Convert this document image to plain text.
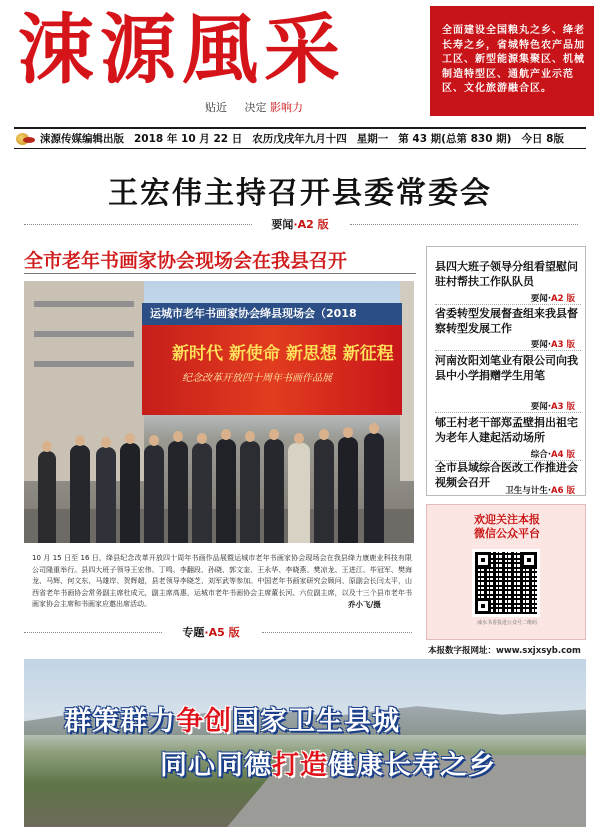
涑源風采
贴近 决定 影响力
全面建设全国粮丸之乡、绛老长寿之乡，省城特色农产品加工区、新型能源集聚区、机械制造特型区、通航产业示范区、文化旅游融合区。
涑源传媒编辑出版 2018 年 10 月 22 日 农历戊戌年九月十四 星期一 第 43 期(总第 830 期) 今日 8版
王宏伟主持召开县委常委会
要闻·A2 版
全市老年书画家协会现场会在我县召开
运城市老年书画家协会绛县现场会（2018
新时代 新使命 新思想 新征程
纪念改革开放四十周年书画作品展
10 月 15 日至 16 日，绛县纪念改革开放四十周年书画作品展暨运城市老年书画家协会现场会在我县绛力康鹿业科技有限公司隆重举行。县四大班子领导王宏伟、丁鸣、李翻段、孙晓、郭文奎、王永华、李晓燕、樊凉龙、王进江、毕冠军、樊海龙、马辉、何文东、马雄岸、贺辉超，县老领导李晓芝、刘军武等参加。中国老年书画家研究会顾问、原副会长闫太平，山西省老年书画协会常务副主席杜成元，副主席高惠，运城市老年书画协会主席董长河、六位副主席，以及十三个县市老年书画家协会主席和书画家应邀出席活动。	乔小飞/摄
专题·A5 版
县四大班子领导分组看望慰问驻村帮扶工作队队员
要闻·A2 版
省委转型发展督查组来我县督察转型发展工作
要闻·A3 版
河南汝阳刘笔业有限公司向我县中小学捐赠学生用笔
要闻·A3 版
郇王村老干部郑孟壁捐出祖宅为老年人建起活动场所
综合·A4 版
全市县域综合医改工作推进会视频会召开
卫生与计生·A6 版
欢迎关注本报
微信公众平台
涑水书香投进公众号二维码
本报数字报网址：www.sxjxsyb.com
群策群力争创国家卫生县城
同心同德打造健康长寿之乡
